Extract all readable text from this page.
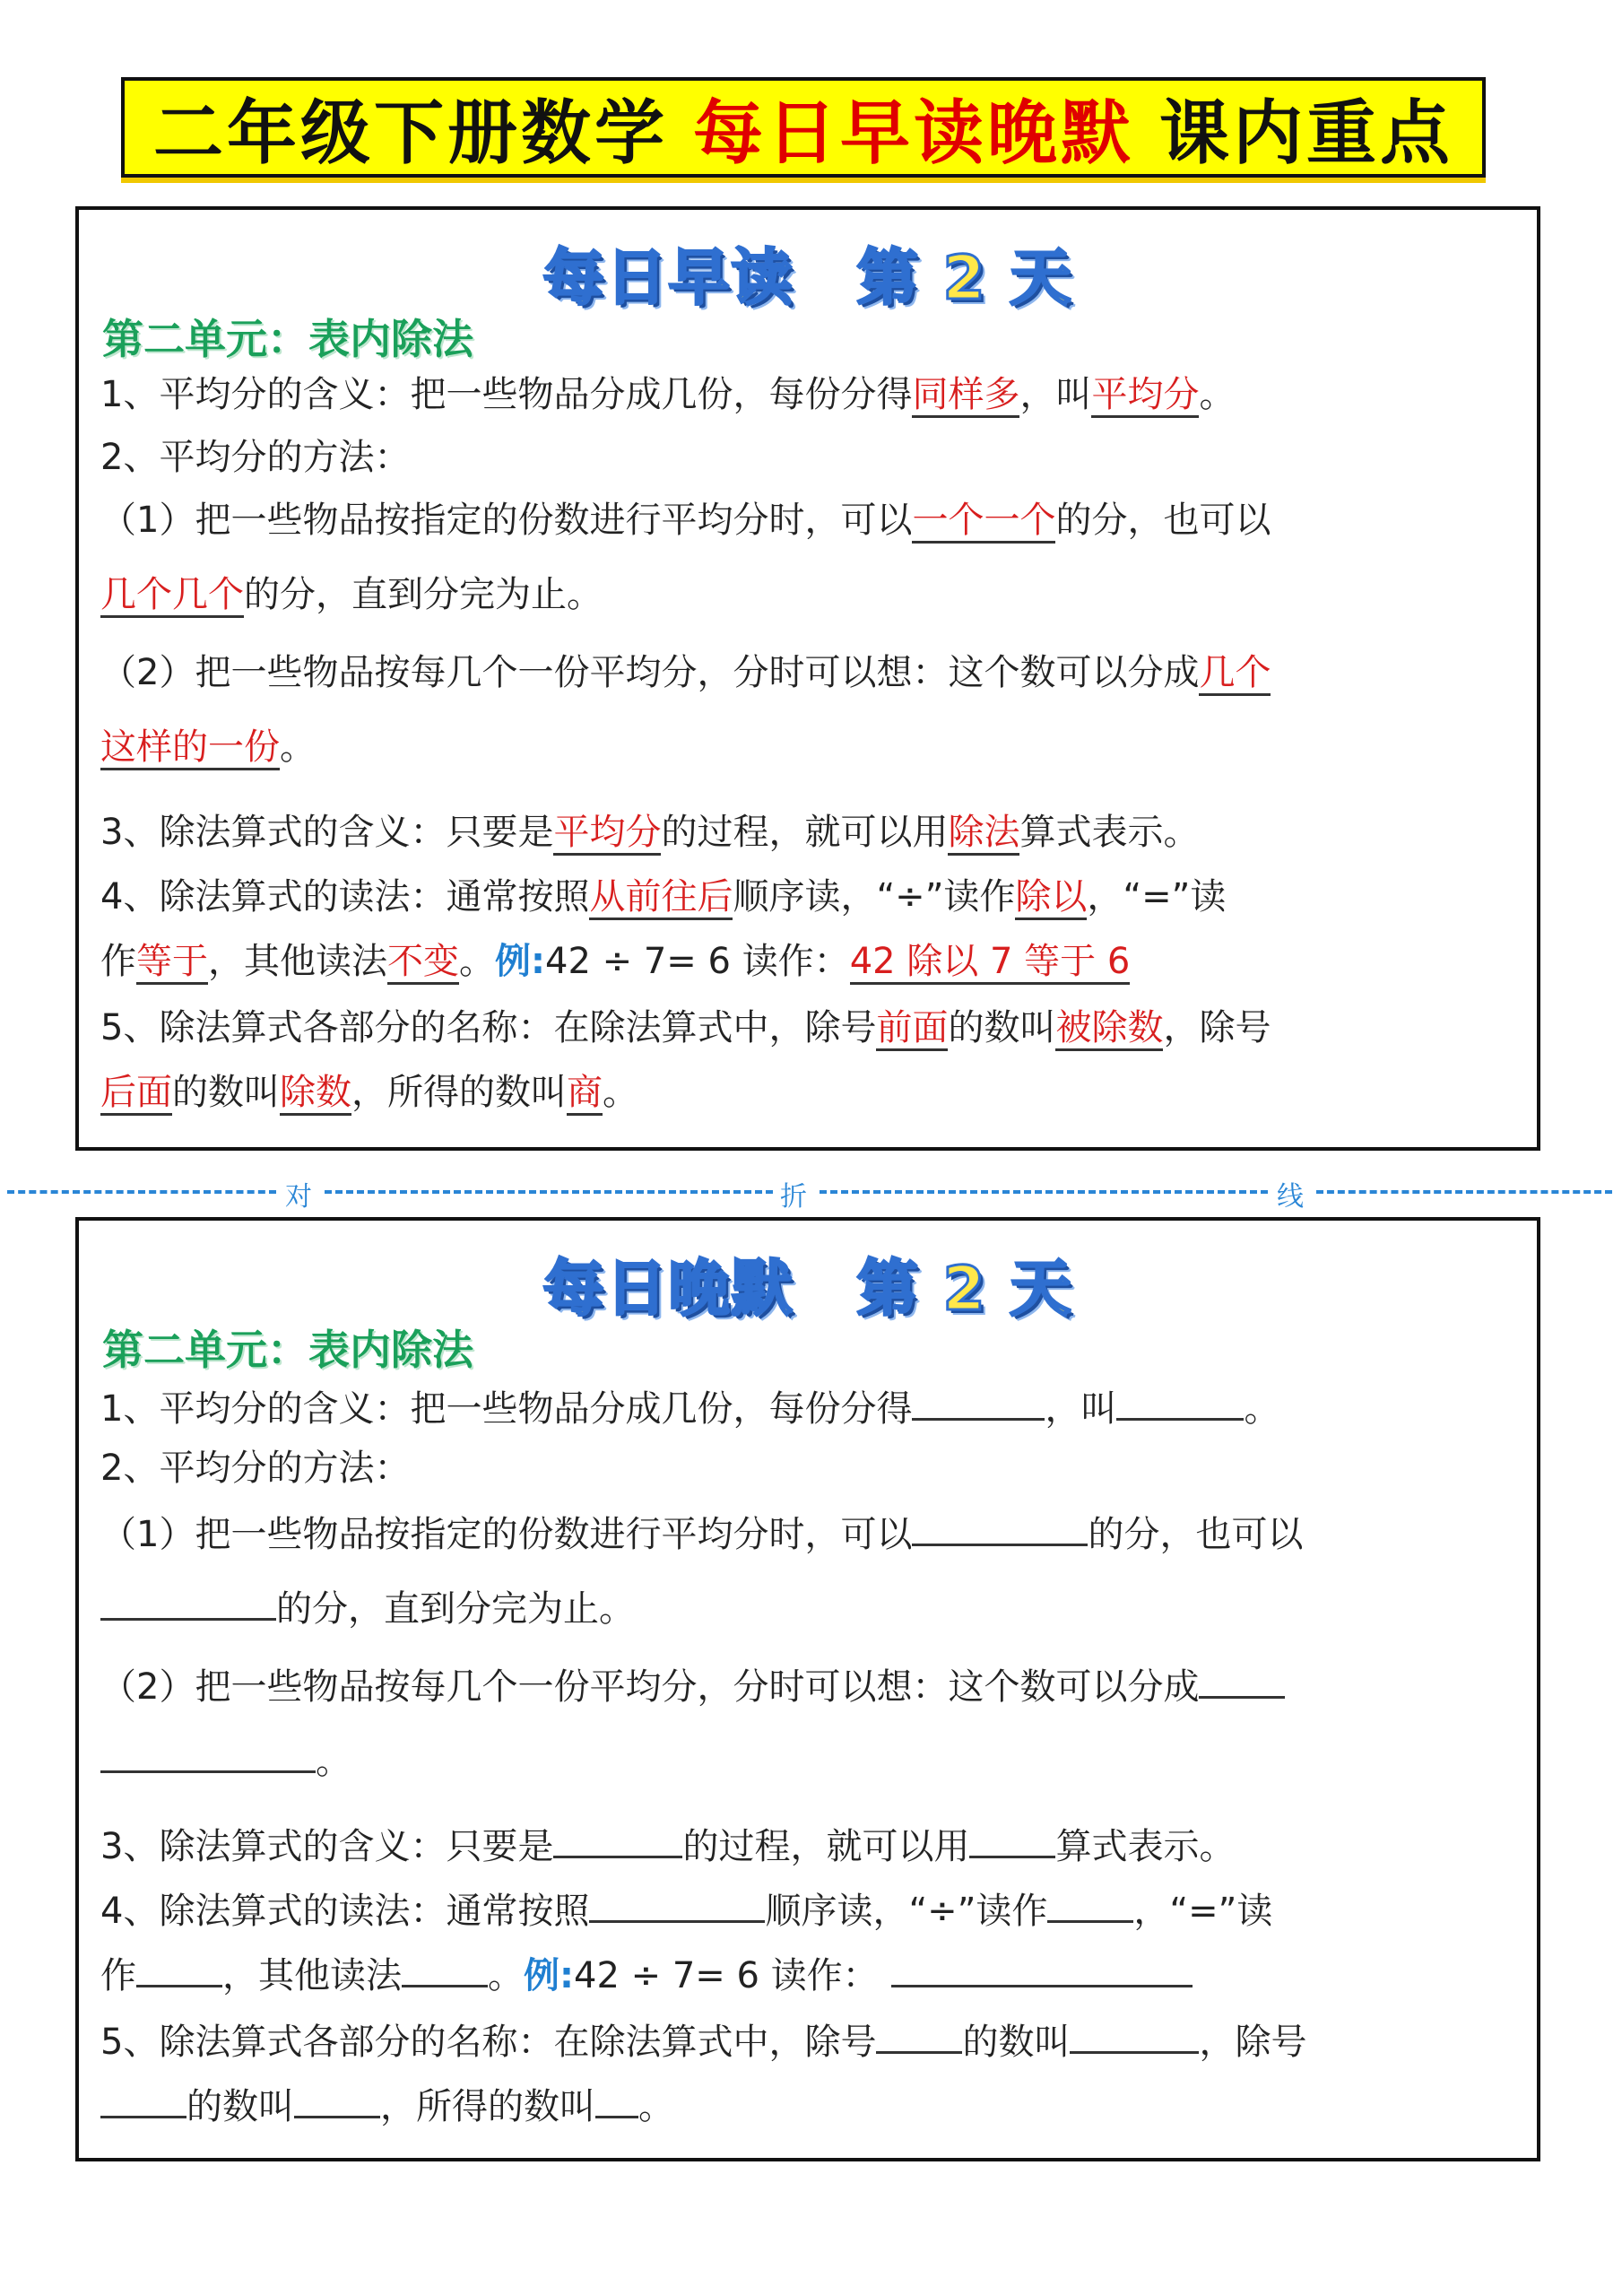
二年级下册数学 每日早读晚默 课内重点
每日早读 第 2 天
第二单元：表内除法
1、平均分的含义：把一些物品分成几份，每份分得同样多，叫平均分。
2、平均分的方法：
（1）把一些物品按指定的份数进行平均分时，可以一个一个的分，也可以
几个几个的分，直到分完为止。
（2）把一些物品按每几个一份平均分，分时可以想：这个数可以分成几个
这样的一份。
3、除法算式的含义：只要是平均分的过程，就可以用除法算式表示。
4、除法算式的读法：通常按照从前往后顺序读，“÷”读作除以，“=”读
作等于，其他读法不变。例:42 ÷ 7= 6 读作：42 除以 7 等于 6
5、除法算式各部分的名称：在除法算式中，除号前面的数叫被除数，除号
后面的数叫除数，所得的数叫商。
对	折	线
每日晚默 第 2 天
第二单元：表内除法
1、平均分的含义：把一些物品分成几份，每份分得	，叫	。
2、平均分的方法：
（1）把一些物品按指定的份数进行平均分时，可以	的分，也可以
的分，直到分完为止。
（2）把一些物品按每几个一份平均分，分时可以想：这个数可以分成
。
3、除法算式的含义：只要是	的过程，就可以用 算式表示。
4、除法算式的读法：通常按照	顺序读，“÷”读作 ，“=”读
作 ，其他读法 。例:42 ÷ 7= 6 读作：
5、除法算式各部分的名称：在除法算式中，除号 的数叫	，除号
的数叫 ，所得的数叫 。
